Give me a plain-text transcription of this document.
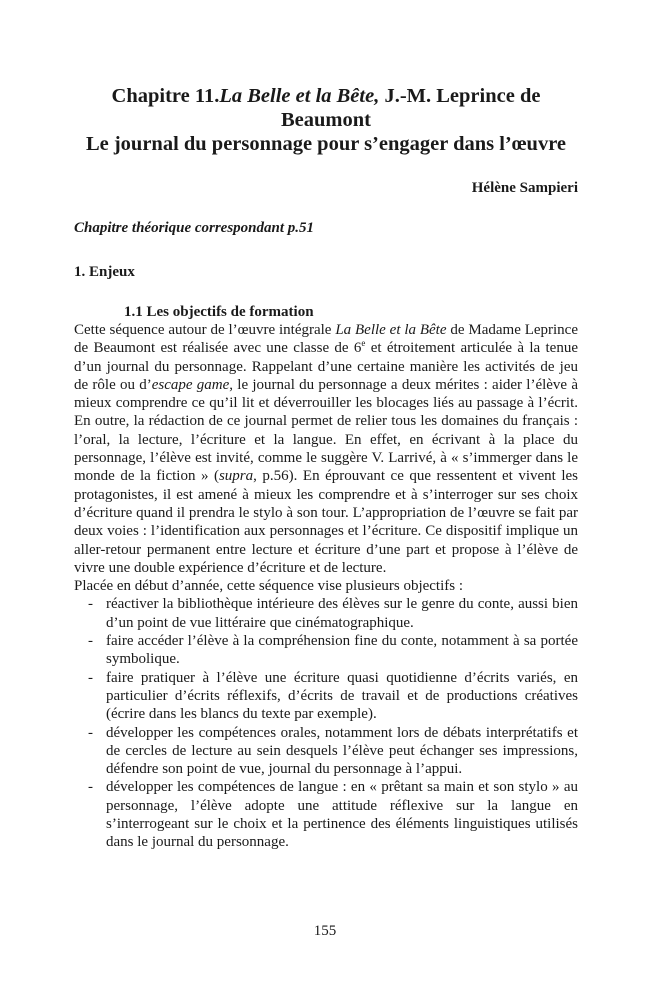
Chapitre 11.La Belle et la Bête, J.-M. Leprince de Beaumont
Le journal du personnage pour s’engager dans l’œuvre
Hélène Sampieri
Chapitre théorique correspondant p.51
1. Enjeux
1.1 Les objectifs de formation

Cette séquence autour de l’œuvre intégrale La Belle et la Bête de Madame Leprince de Beaumont est réalisée avec une classe de 6e et étroitement articulée à la tenue d’un journal du personnage. Rappelant d’une certaine manière les activités de jeu de rôle ou d’escape game, le journal du personnage a deux mérites : aider l’élève à mieux comprendre ce qu’il lit et déverrouiller les blocages liés au passage à l’écrit. En outre, la rédaction de ce journal permet de relier tous les domaines du français : l’oral, la lecture, l’écriture et la langue. En effet, en écrivant à la place du personnage, l’élève est invité, comme le suggère V. Larrivé, à « s’immerger dans le monde de la fiction » (supra, p.56). En éprouvant ce que ressentent et vivent les protagonistes, il est amené à mieux les comprendre et à s’interroger sur ses choix d’écriture quand il prendra le stylo à son tour. L’appropriation de l’œuvre se fait par deux voies : l’identification aux personnages et l’écriture. Ce dispositif implique un aller-retour permanent entre lecture et écriture d’une part et propose à l’élève de vivre une double expérience d’écriture et de lecture.

Placée en début d’année, cette séquence vise plusieurs objectifs :

- réactiver la bibliothèque intérieure des élèves sur le genre du conte, aussi bien d’un point de vue littéraire que cinématographique.
- faire accéder l’élève à la compréhension fine du conte, notamment à sa portée symbolique.
- faire pratiquer à l’élève une écriture quasi quotidienne d’écrits variés, en particulier d’écrits réflexifs, d’écrits de travail et de productions créatives (écrire dans les blancs du texte par exemple).
- développer les compétences orales, notamment lors de débats interprétatifs et de cercles de lecture au sein desquels l’élève peut échanger ses impressions, défendre son point de vue, journal du personnage à l’appui.
- développer les compétences de langue : en « prêtant sa main et son stylo » au personnage, l’élève adopte une attitude réflexive sur la langue en s’interrogeant sur le choix et la pertinence des éléments linguistiques utilisés dans le journal du personnage.
155
